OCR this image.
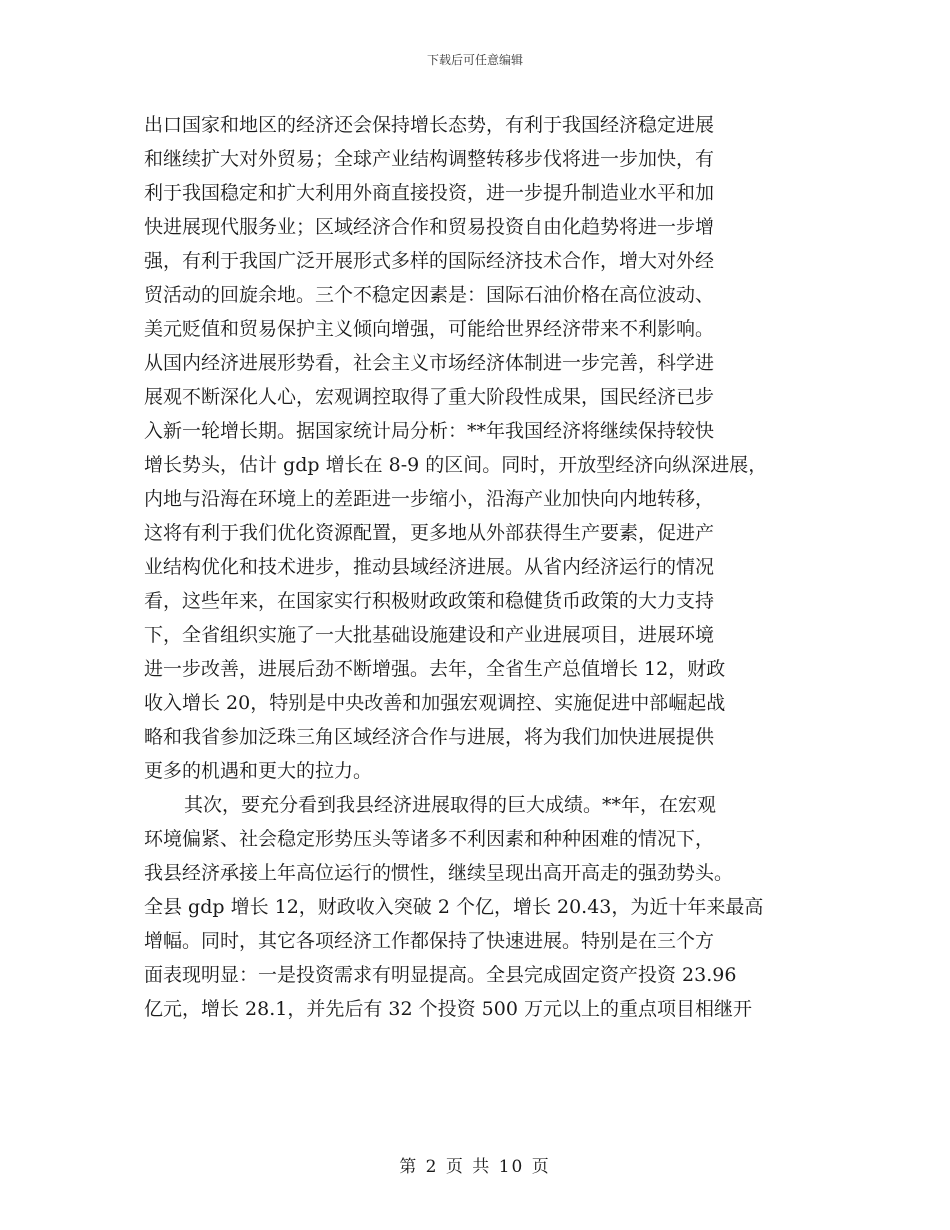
下载后可任意编辑
出口国家和地区的经济还会保持增长态势，有利于我国经济稳定进展
和继续扩大对外贸易；全球产业结构调整转移步伐将进一步加快，有
利于我国稳定和扩大利用外商直接投资，进一步提升制造业水平和加
快进展现代服务业；区域经济合作和贸易投资自由化趋势将进一步增
强，有利于我国广泛开展形式多样的国际经济技术合作，增大对外经
贸活动的回旋余地。三个不稳定因素是：国际石油价格在高位波动、
美元贬值和贸易保护主义倾向增强，可能给世界经济带来不利影响。
从国内经济进展形势看，社会主义市场经济体制进一步完善，科学进
展观不断深化人心，宏观调控取得了重大阶段性成果，国民经济已步
入新一轮增长期。据国家统计局分析：**年我国经济将继续保持较快
增长势头，估计 gdp 增长在 8-9 的区间。同时，开放型经济向纵深进展，
内地与沿海在环境上的差距进一步缩小，沿海产业加快向内地转移，
这将有利于我们优化资源配置，更多地从外部获得生产要素，促进产
业结构优化和技术进步，推动县域经济进展。从省内经济运行的情况
看，这些年来，在国家实行积极财政政策和稳健货币政策的大力支持
下，全省组织实施了一大批基础设施建设和产业进展项目，进展环境
进一步改善，进展后劲不断增强。去年，全省生产总值增长 12，财政
收入增长 20，特别是中央改善和加强宏观调控、实施促进中部崛起战
略和我省参加泛珠三角区域经济合作与进展，将为我们加快进展提供
更多的机遇和更大的拉力。
其次，要充分看到我县经济进展取得的巨大成绩。**年，在宏观
环境偏紧、社会稳定形势压头等诸多不利因素和种种困难的情况下，
我县经济承接上年高位运行的惯性，继续呈现出高开高走的强劲势头。
全县 gdp 增长 12，财政收入突破 2 个亿，增长 20.43，为近十年来最高
增幅。同时，其它各项经济工作都保持了快速进展。特别是在三个方
面表现明显：一是投资需求有明显提高。全县完成固定资产投资 23.96
亿元，增长 28.1，并先后有 32 个投资 500 万元以上的重点项目相继开
第 2 页 共 10 页
